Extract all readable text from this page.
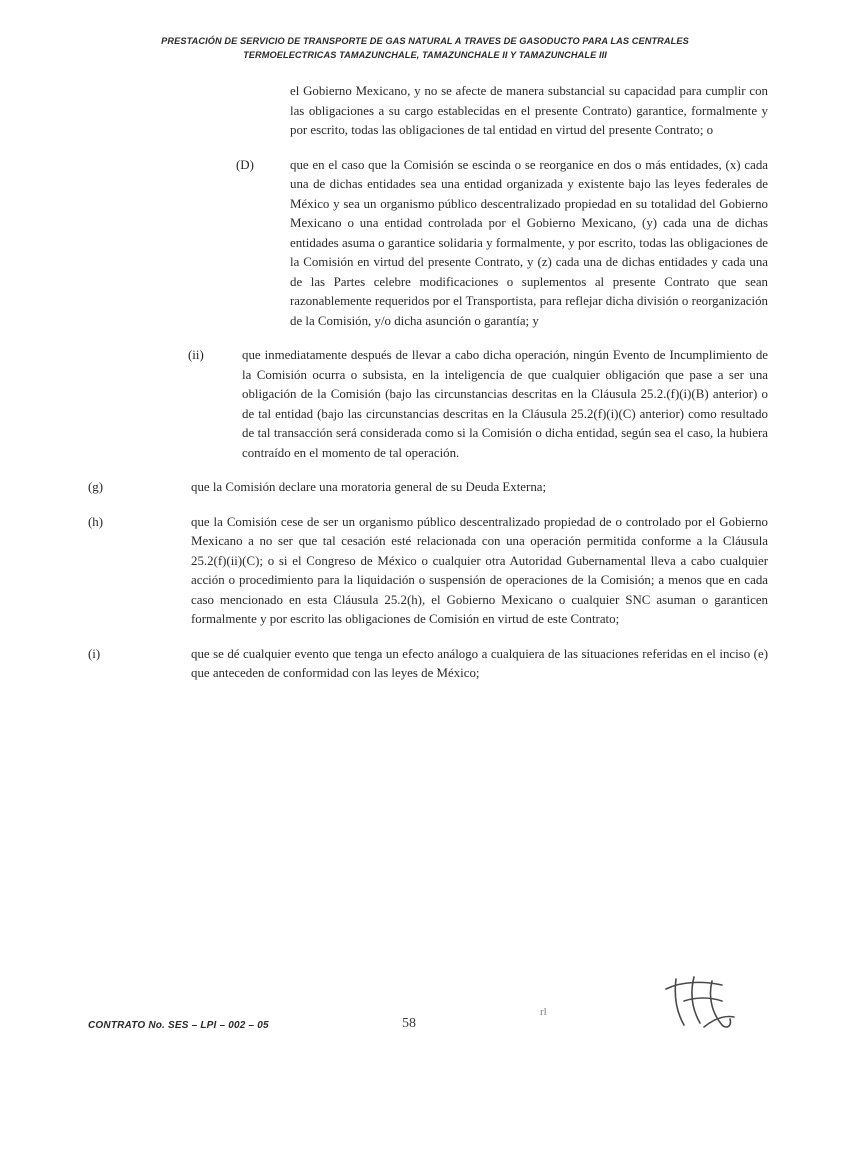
PRESTACIÓN DE SERVICIO DE TRANSPORTE DE GAS NATURAL A TRAVES DE GASODUCTO PARA LAS CENTRALES
TERMOELECTRICAS TAMAZUNCHALE, TAMAZUNCHALE II Y TAMAZUNCHALE III
el Gobierno Mexicano, y no se afecte de manera substancial su capacidad para cumplir con las obligaciones a su cargo establecidas en el presente Contrato) garantice, formalmente y por escrito, todas las obligaciones de tal entidad en virtud del presente Contrato; o
(D)	que en el caso que la Comisión se escinda o se reorganice en dos o más entidades, (x) cada una de dichas entidades sea una entidad organizada y existente bajo las leyes federales de México y sea un organismo público descentralizado propiedad en su totalidad del Gobierno Mexicano o una entidad controlada por el Gobierno Mexicano, (y) cada una de dichas entidades asuma o garantice solidaria y formalmente, y por escrito, todas las obligaciones de la Comisión en virtud del presente Contrato, y (z) cada una de dichas entidades y cada una de las Partes celebre modificaciones o suplementos al presente Contrato que sean razonablemente requeridos por el Transportista, para reflejar dicha división o reorganización de la Comisión, y/o dicha asunción o garantía; y
(ii)	que inmediatamente después de llevar a cabo dicha operación, ningún Evento de Incumplimiento de la Comisión ocurra o subsista, en la inteligencia de que cualquier obligación que pase a ser una obligación de la Comisión (bajo las circunstancias descritas en la Cláusula 25.2.(f)(i)(B) anterior) o de tal entidad (bajo las circunstancias descritas en la Cláusula 25.2(f)(i)(C) anterior) como resultado de tal transacción será considerada como si la Comisión o dicha entidad, según sea el caso, la hubiera contraído en el momento de tal operación.
(g)	que la Comisión declare una moratoria general de su Deuda Externa;
(h)	que la Comisión cese de ser un organismo público descentralizado propiedad de o controlado por el Gobierno Mexicano a no ser que tal cesación esté relacionada con una operación permitida conforme a la Cláusula 25.2(f)(ii)(C); o si el Congreso de México o cualquier otra Autoridad Gubernamental lleva a cabo cualquier acción o procedimiento para la liquidación o suspensión de operaciones de la Comisión; a menos que en cada caso mencionado en esta Cláusula 25.2(h), el Gobierno Mexicano o cualquier SNC asuman o garanticen formalmente y por escrito las obligaciones de Comisión en virtud de este Contrato;
(i)	que se dé cualquier evento que tenga un efecto análogo a cualquiera de las situaciones referidas en el inciso (e) que anteceden de conformidad con las leyes de México;
CONTRATO No. SES – LPI – 002 – 05	58
rl
